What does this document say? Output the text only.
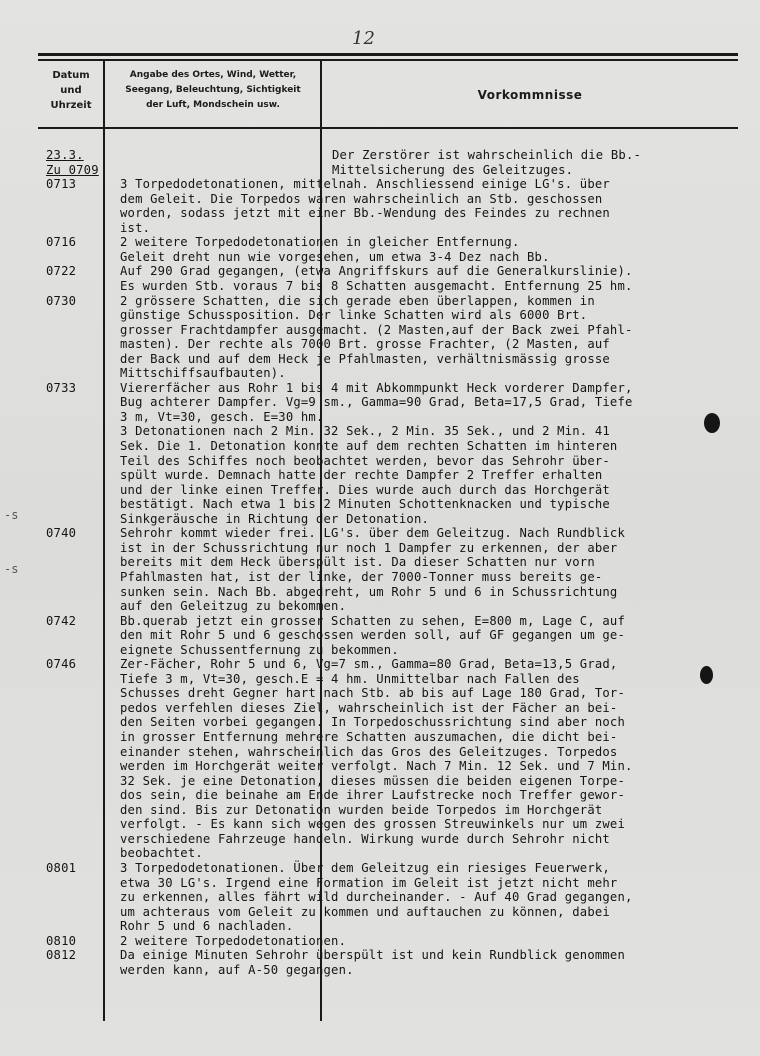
12
Datum
und
Uhrzeit
Angabe des Ortes, Wind, Wetter,
Seegang, Beleuchtung, Sichtigkeit
der Luft, Mondschein usw.
Vorkommnisse
23.3.	Der Zerstörer ist wahrscheinlich die Bb.-
Zu 0709	Mittelsicherung des Geleitzuges.
0713	3 Torpedodetonationen, mittelnah. Anschliessend einige LG's. über
dem Geleit. Die Torpedos waren wahrscheinlich an Stb. geschossen
worden, sodass jetzt mit einer Bb.-Wendung des Feindes zu rechnen
ist.
0716	2 weitere Torpedodetonationen in gleicher Entfernung.
Geleit dreht nun wie vorgesehen, um etwa 3-4 Dez nach Bb.
0722	Auf 290 Grad gegangen, (etwa Angriffskurs auf die Generalkurslinie).
Es wurden Stb. voraus 7 bis 8 Schatten ausgemacht. Entfernung 25 hm.
0730	2 grössere Schatten, die sich gerade eben überlappen, kommen in
günstige Schussposition. Der linke Schatten wird als 6000 Brt.
grosser Frachtdampfer ausgemacht. (2 Masten,auf der Back zwei Pfahl-
masten). Der rechte als 7000 Brt. grosse Frachter, (2 Masten, auf
der Back und auf dem Heck je Pfahlmasten, verhältnismässig grosse
Mittschiffsaufbauten).
0733	Viererfächer aus Rohr 1 bis 4 mit Abkommpunkt Heck vorderer Dampfer,
Bug achterer Dampfer. Vg=9 sm., Gamma=90 Grad, Beta=17,5 Grad, Tiefe
3 m, Vt=30, gesch. E=30 hm.
3 Detonationen nach 2 Min. 32 Sek., 2 Min. 35 Sek., und 2 Min. 41
Sek. Die 1. Detonation konnte auf dem rechten Schatten im hinteren
Teil des Schiffes noch beobachtet werden, bevor das Sehrohr über-
spült wurde. Demnach hatte der rechte Dampfer 2 Treffer erhalten
und der linke einen Treffer. Dies wurde auch durch das Horchgerät
bestätigt. Nach etwa 1 bis 2 Minuten Schottenknacken und typische
Sinkgeräusche in Richtung der Detonation.
0740	Sehrohr kommt wieder frei. LG's. über dem Geleitzug. Nach Rundblick
ist in der Schussrichtung nur noch 1 Dampfer zu erkennen, der aber
bereits mit dem Heck überspült ist. Da dieser Schatten nur vorn
Pfahlmasten hat, ist der linke, der 7000-Tonner muss bereits ge-
sunken sein. Nach Bb. abgedreht, um Rohr 5 und 6 in Schussrichtung
auf den Geleitzug zu bekommen.
0742	Bb.querab jetzt ein grosser Schatten zu sehen, E=800 m, Lage C, auf
den mit Rohr 5 und 6 geschossen werden soll, auf GF gegangen um ge-
eignete Schussentfernung zu bekommen.
0746	Zer-Fächer, Rohr 5 und 6, Vg=7 sm., Gamma=80 Grad, Beta=13,5 Grad,
Tiefe 3 m, Vt=30, gesch.E = 4 hm. Unmittelbar nach Fallen des
Schusses dreht Gegner hart nach Stb. ab bis auf Lage 180 Grad, Tor-
pedos verfehlen dieses Ziel, wahrscheinlich ist der Fächer an bei-
den Seiten vorbei gegangen. In Torpedoschussrichtung sind aber noch
in grosser Entfernung mehrere Schatten auszumachen, die dicht bei-
einander stehen, wahrscheinlich das Gros des Geleitzuges. Torpedos
werden im Horchgerät weiter verfolgt. Nach 7 Min. 12 Sek. und 7 Min.
32 Sek. je eine Detonation, dieses müssen die beiden eigenen Torpe-
dos sein, die beinahe am Ende ihrer Laufstrecke noch Treffer gewor-
den sind. Bis zur Detonation wurden beide Torpedos im Horchgerät
verfolgt. - Es kann sich wegen des grossen Streuwinkels nur um zwei
verschiedene Fahrzeuge handeln. Wirkung wurde durch Sehrohr nicht
beobachtet.
0801	3 Torpedodetonationen. Über dem Geleitzug ein riesiges Feuerwerk,
etwa 30 LG's. Irgend eine Formation im Geleit ist jetzt nicht mehr
zu erkennen, alles fährt wild durcheinander. - Auf 40 Grad gegangen,
um achteraus vom Geleit zu kommen und auftauchen zu können, dabei
Rohr 5 und 6 nachladen.
0810	2 weitere Torpedodetonationen.
0812	Da einige Minuten Sehrohr überspült ist und kein Rundblick genommen
werden kann, auf A-50 gegangen.
‐s
‐s
